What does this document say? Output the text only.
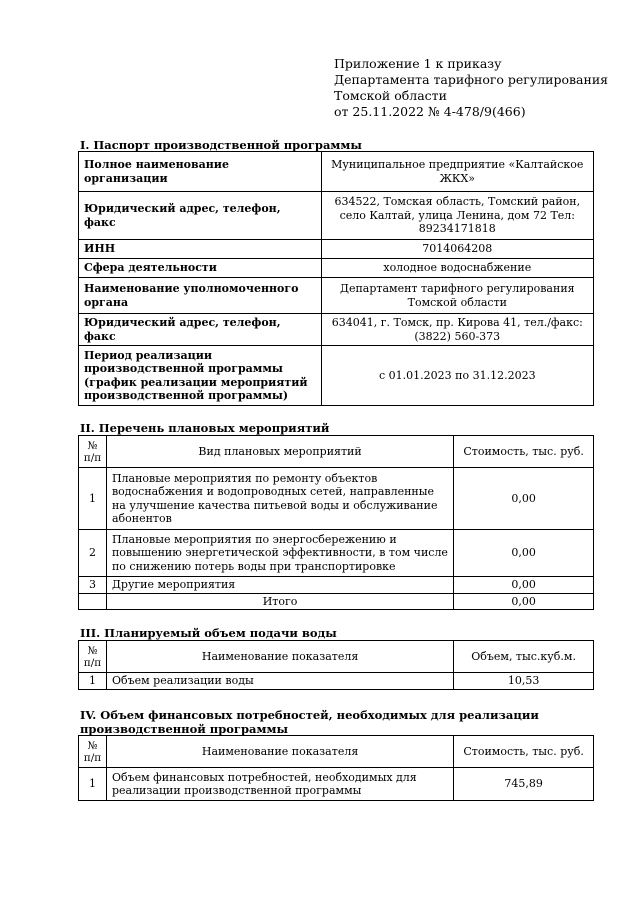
Приложение 1 к приказу
Департамента тарифного регулирования
Томской области
от 25.11.2022 № 4-478/9(466)
I. Паспорт производственной программы
Полное наименование организации	Муниципальное предприятие «Калтайское ЖКХ»
Юридический адрес, телефон, факс	634522, Томская область, Томский район, село Калтай, улица Ленина, дом 72 Тел: 89234171818
ИНН	7014064208
Сфера деятельности	холодное водоснабжение
Наименование уполномоченного органа	Департамент тарифного регулирования Томской области
Юридический адрес, телефон, факс	634041, г. Томск, пр. Кирова 41, тел./факс: (3822) 560-373
Период реализации производственной программы (график реализации мероприятий производственной программы)	с 01.01.2023 по 31.12.2023
II. Перечень плановых мероприятий
№ п/п	Вид плановых мероприятий	Стоимость, тыс. руб.
1	Плановые мероприятия по ремонту объектов водоснабжения и водопроводных сетей, направленные на улучшение качества питьевой воды и обслуживание абонентов	0,00
2	Плановые мероприятия по энергосбережению и повышению энергетической эффективности, в том числе по снижению потерь воды при транспортировке	0,00
3	Другие мероприятия	0,00
	Итого	0,00
III. Планируемый объем подачи воды
№ п/п	Наименование показателя	Объем, тыс.куб.м.
1	Объем реализации воды	10,53
IV. Объем финансовых потребностей, необходимых для реализации производственной программы
№ п/п	Наименование показателя	Стоимость, тыс. руб.
1	Объем финансовых потребностей, необходимых для реализации производственной программы	745,89
